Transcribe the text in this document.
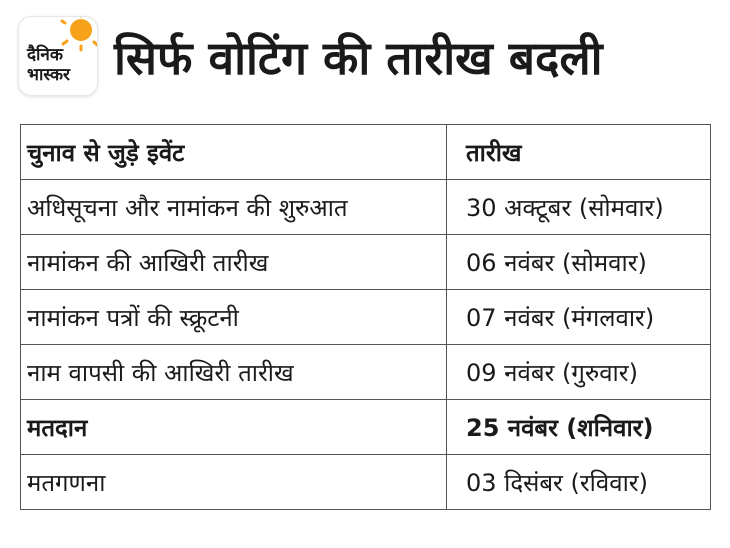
दैनिक
भास्कर सिर्फ वोटिंग की तारीख बदली
चुनाव से जुड़े इवेंट	तारीख
अधिसूचना और नामांकन की शुरुआत	30 अक्टूबर (सोमवार)
नामांकन की आखिरी तारीख	06 नवंबर (सोमवार)
नामांकन पत्रों की स्क्रूटनी	07 नवंबर (मंगलवार)
नाम वापसी की आखिरी तारीख	09 नवंबर (गुरुवार)
मतदान	25 नवंबर (शनिवार)
मतगणना	03 दिसंबर (रविवार)
